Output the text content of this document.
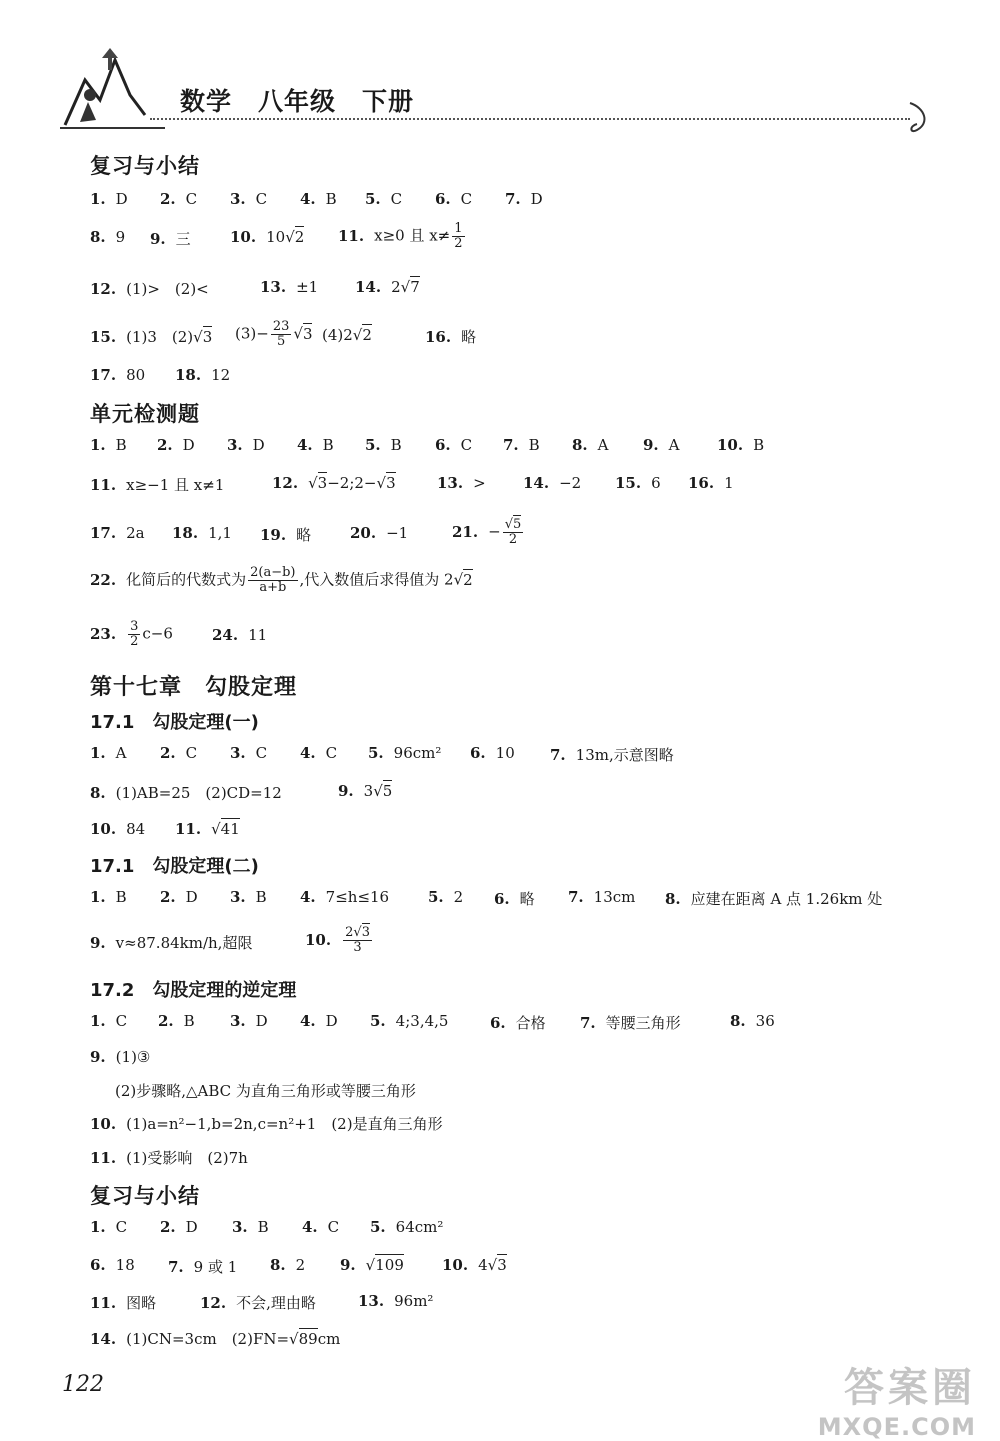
数学　八年级　下册
复习与小结
1. D 2. C 3. C 4. B 5. C 6. C 7. D
8. 9 9. 三	10. 10√2 11. x≥0 且 $x\ne \frac{1}{2}$
12. (1)>　(2)<	13. ±1 14. 2√7
15. (1)3　(2)√3 $(3)- \frac{23}{5} √3$ (4)2√2	16. 略
17. 80 18. 12
单元检测题
1. B 2. D 3. D 4. B 5. B 6. C 7. B 8. A 9. A 10. B
11. x≥−1 且 x≠1	12. √3−2;2−√3	13. > 14. −2 15. 6 16. 1
17. 2a 18. 1,1 19. 略	20. −1	21. − $\frac{√5}{2}$
22. 化简后的代数式为 $\frac{2(a-b)}{a+b}$ ,代入数值后求得值为 2√2
23. $\frac{3}{2} c-6$	24. 11
第十七章　勾股定理
17.1　勾股定理(一)
1. A 2. C 3. C 4. C 5. 96cm² 6. 10 7. 13m,示意图略
8. (1)AB=25　(2)CD=12	9. 3√5
10. 84 11. √41
17.1　勾股定理(二)
1. B 2. D 3. B 4. 7≤h≤16	5. 2 6. 略 7. 13cm 8. 应建在距离 A 点 1.26km 处
9. v≈87.84km/h,超限	10. $\frac{2√3}{3}$
17.2　勾股定理的逆定理
1. C 2. B 3. D 4. D 5. 4;3,4,5	6. 合格 7. 等腰三角形	8. 36
9. (1)③
(2)步骤略,△ABC 为直角三角形或等腰三角形
10. (1)a=n²−1,b=2n,c=n²+1　(2)是直角三角形
11. (1)受影响　(2)7h
复习与小结
1. C 2. D 3. B 4. C 5. 64cm²
6. 18 7. 9 或 1 8. 2 9. √109	10. 4√3
11. 图略	12. 不会,理由略	13. 96m²
14. (1)CN=3cm　(2)FN=√89cm
122	答案圈
MXQE.COM
